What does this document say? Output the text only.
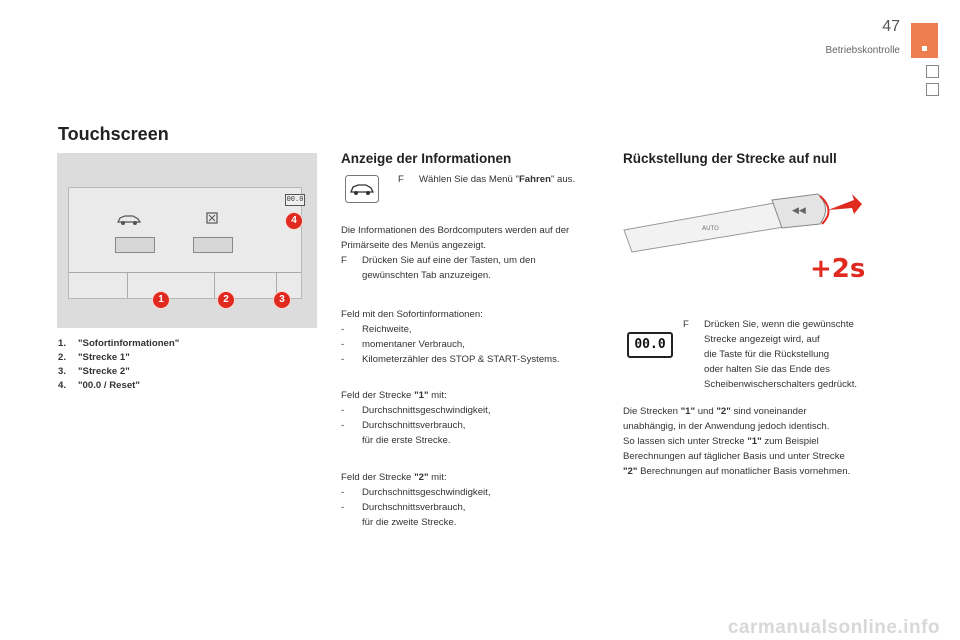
47
Betriebskontrolle
Touchscreen
00.0
1	2	3
4
1. "Sofortinformationen"
2. "Strecke 1"
3. "Strecke 2"
4. "00.0 / Reset"
Anzeige der Informationen
F Wählen Sie das Menü "Fahren" aus.

Die Informationen des Bordcomputers werden auf der

Primärseite des Menüs angezeigt.

F Drücken Sie auf eine der Tasten, um den

gewünschten Tab anzuzeigen.

Feld mit den Sofortinformationen:

- Reichweite,

- momentaner Verbrauch,

- Kilometerzähler des STOP & START-Systems.

Feld der Strecke "1" mit:

- Durchschnittsgeschwindigkeit,

- Durchschnittsverbrauch,

für die erste Strecke.

Feld der Strecke "2" mit:

- Durchschnittsgeschwindigkeit,

- Durchschnittsverbrauch,

für die zweite Strecke.

Rückstellung der Strecke auf null
◀◀
AUTO
+2s
00.0

F Drücken Sie, wenn die gewünschte

Strecke angezeigt wird, auf

die Taste für die Rückstellung

oder halten Sie das Ende des

Scheibenwischerschalters gedrückt.

Die Strecken "1" und "2" sind voneinander

unabhängig, in der Anwendung jedoch identisch.

So lassen sich unter Strecke "1" zum Beispiel

Berechnungen auf täglicher Basis und unter Strecke

"2" Berechnungen auf monatlicher Basis vornehmen.

carmanualsonline.info
